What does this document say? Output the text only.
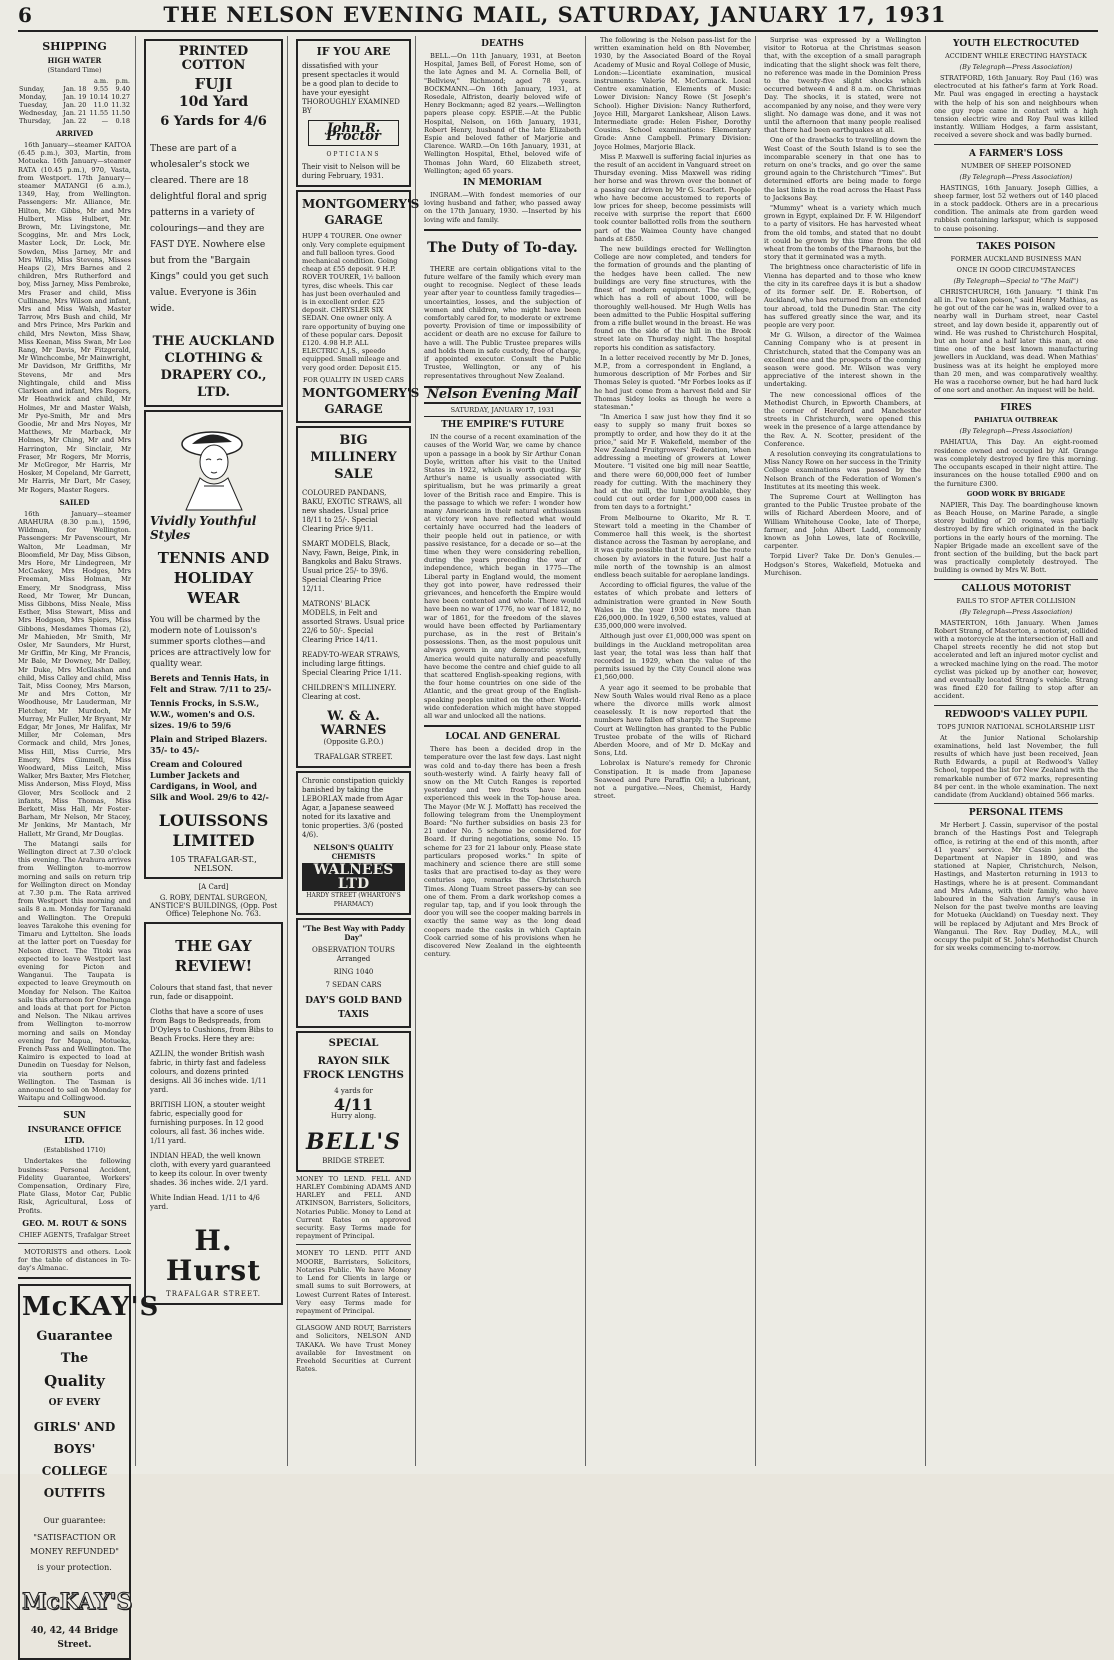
6	THE NELSON EVENING MAIL, SATURDAY, JANUARY 17, 1931
SHIPPING
HIGH WATER
(Standard Time)
		a.m.	p.m.
Sunday,	Jan. 18	9.55	9.40
Monday,	Jan. 19	10.14	10.27
Tuesday,	Jan. 20	11.0	11.32
Wednesday,	Jan. 21	11.55	11.50
Thursday,	Jan. 22	—	0.18
ARRIVED

16th January—steamer KAITOA (6.45 p.m.), 303, Martin, from Motueka. 16th January—steamer RATA (10.45 p.m.), 970, Vasta, from Westport. 17th January—steamer MATANGI (6 a.m.), 1349, Hay, from Wellington. Passengers: Mr. Alliance, Mr. Hilton, Mr. Gibbs, Mr and Mrs Hulbert, Miss Hulbert, Mr. Brown, Mr. Livingstone, Mr. Scoggins, Mr. and Mrs Lock, Master Lock, Dr. Lock, Mr. Sowden, Miss Jarney, Mr and Mrs Wills, Miss Stevens, Misses Heaps (2), Mrs Barnes and 2 children, Mrs Rutherford and boy, Miss Jarney, Miss Pembroke, Mrs Fraser and child, Miss Cullinane, Mrs Wilson and infant, Mrs and Miss Walsh, Master Tarrow, Mrs Bush and child, Mr and Mrs Prince, Mrs Parkin and child, Mrs Newton, Miss Shaw, Miss Keenan, Miss Swan, Mr Lee Rang, Mr Davis, Mr Fitzgerald, Mr Winchcombe, Mr Mainwright, Mr Davidson, Mr Griffiths, Mr Stevens, Mr and Mrs Nightingale, child and Miss Clarkson and infant, Mrs Rogers, Mr Heathwick and child, Mr Holmes, Mr and Master Walsh, Mr Pye-Smith, Mr and Mrs Goodie, Mr and Mrs Noyes, Mr Matthews, Mr Marback, Mr Holmes, Mr Ching, Mr and Mrs Harrington, Mr Sinclair, Mr Fraser, Mr Rogers, Mr Morris, Mr McGregor, Mr Harris, Mr Hosker, M Copeland, Mr Garrett, Mr Harris, Mr Dart, Mr Casey, Mr Rogers, Master Rogers.

SAILED

16th January—steamer ARAHURA (8.30 p.m.), 1596, Wildman, for Wellington. Passengers: Mr Pavenscourt, Mr Walton, Mr Leadman, Mr Bloomfield, Mr Day, Miss Gibson, Mrs Hore, Mr Lindegreen, Mr McCaskey, Mrs Hodges, Mrs Freeman, Miss Holman, Mr Emery, Mr Snodgrass, Miss Reed, Mr Tower, Mr Duncan, Miss Gibbons, Miss Neale, Miss Esther, Miss Stewart, Miss and Mrs Hodgson, Mrs Spiers, Miss Gibbons, Mesdames Thomas (2), Mr Mahieden, Mr Smith, Mr Osler, Mr Saunders, Mr Hurst, Mr Griffin, Mr King, Mr Francis, Mr Bale, Mr Downey, Mr Dalley, Mr Duke, Mrs McGlashan and child, Miss Calley and child, Miss Tait, Miss Cooney, Mrs Marson, Mr and Mrs Cotton, Mr Woodhouse, Mr Lauderman, Mr Fletcher, Mr Murdoch, Mr Murray, Mr Fuller, Mr Bryant, Mr Edgar, Mr Jones, Mr Halifax, Mr Miller, Mr Coleman, Mrs Cormack and child, Mrs Jones, Miss Hill, Miss Currie, Mrs Emery, Mrs Gimmell, Miss Woodward, Miss Leitch, Miss Walker, Mrs Baxter, Mrs Fletcher, Miss Anderson, Miss Floyd, Miss Glover, Mrs Scollock and 2 infants, Miss Thomas, Miss Berkett, Miss Hall, Mr Foster-Barham, Mr Nelson, Mr Stacey, Mr Jenkins, Mr Mantach, Mr Hallett, Mr Grand, Mr Douglas.

The Matangi sails for Wellington direct at 7.30 o'clock this evening. The Arahura arrives from Wellington to-morrow morning and sails on return trip for Wellington direct on Monday at 7.30 p.m. The Rata arrived from Westport this morning and sails 8 a.m. Monday for Taranaki and Wellington. The Orepuki leaves Tarakohe this evening for Timaru and Lyttelton. She loads at the latter port on Tuesday for Nelson direct. The Titoki was expected to leave Westport last evening for Picton and Wanganui. The Taupata is expected to leave Greymouth on Monday for Nelson. The Kaitoa sails this afternoon for Onehunga and loads at that port for Picton and Nelson. The Nikau arrives from Wellington to-morrow morning and sails on Monday evening for Mapua, Motueka, French Pass and Wellington. The Kaimiro is expected to load at Dunedin on Tuesday for Nelson, via southern ports and Wellington. The Tasman is announced to sail on Monday for Waitapu and Collingwood.

SUN
INSURANCE OFFICE LTD.
(Established 1710)

Undertakes the following business: Personal Accident, Fidelity Guarantee, Workers' Compensation, Ordinary Fire, Plate Glass, Motor Car, Public Risk, Agricultural, Loss of Profits.

GEO. M. ROUT & SONS
CHIEF AGENTS, Trafalgar Street

MOTORISTS and others. Look for the table of distances in To-day's Almanac.

McKAY'S
Guarantee
The
Quality
OF EVERY
GIRLS' AND BOYS' COLLEGE OUTFITS
Our guarantee:
"SATISFACTION OR MONEY REFUNDED"
is your protection.
McKAY'S
40, 42, 44 Bridge Street.
PRINTED COTTON
FUJI
10d Yard
6 Yards for 4/6
These are part of a wholesaler's stock we cleared. There are 18 delightful floral and sprig patterns in a variety of colourings—and they are FAST DYE. Nowhere else but from the "Bargain Kings" could you get such value. Everyone is 36in wide.
THE AUCKLAND CLOTHING & DRAPERY CO., LTD.
Vividly Youthful Styles
TENNIS AND HOLIDAY WEAR
You will be charmed by the modern note of Louisson's summer sports clothes—and prices are attractively low for quality wear.
Berets and Tennis Hats, in Felt and Straw. 7/11 to 25/-
Tennis Frocks, in S.S.W., W.W., women's and O.S. sizes. 19/6 to 59/6
Plain and Striped Blazers. 35/- to 45/-
Cream and Coloured Lumber Jackets and Cardigans, in Wool, and Silk and Wool. 29/6 to 42/-
LOUISSONS LIMITED
105 TRAFALGAR-ST., NELSON.
[A Card]

G. ROBY, DENTAL SURGEON, ANSTICE'S BUILDINGS, (Opp. Post Office) Telephone No. 763.

THE GAY REVIEW!
Colours that stand fast, that never run, fade or disappoint.
Cloths that have a score of uses from Bags to Bedspreads, from D'Oyleys to Cushions, from Bibs to Beach Frocks. Here they are:
AZLIN, the wonder British wash fabric, in thirty fast and fadeless colours, and dozens printed designs. All 36 inches wide. 1/11 yard.
BRITISH LION, a stouter weight fabric, especially good for furnishing purposes. In 12 good colours, all fast. 36 inches wide. 1/11 yard.
INDIAN HEAD, the well known cloth, with every yard guaranteed to keep its colour. In over twenty shades. 36 inches wide. 2/1 yard.
White Indian Head. 1/11 to 4/6 yard.
H. Hurst
TRAFALGAR STREET.
IF YOU ARE
dissatisfied with your present spectacles it would be a good plan to decide to have your eyesight THOROUGHLY EXAMINED BY
John R. Proctor
OPTICIANS
Their visit to Nelson will be during February, 1931.
MONTGOMERY'S GARAGE
HUPP 4 TOURER. One owner only. Very complete equipment and full balloon tyres. Good mechanical condition. Going cheap at £55 deposit. 9 H.P. ROVER TOURER, 1½ balloon tyres, disc wheels. This car has just been overhauled and is in excellent order. £25 deposit. CHRYSLER SIX SEDAN. One owner only. A rare opportunity of buying one of these popular cars. Deposit £120. 4.98 H.P. ALL ELECTRIC A.J.S., speedo equipped. Small mileage and very good order. Deposit £15.
FOR QUALITY IN USED CARS
MONTGOMERY'S GARAGE
BIG MILLINERY SALE
COLOURED PANDANS, BAKU, EXOTIC STRAWS, all new shades. Usual price 18/11 to 25/-. Special Clearing Price 9/11.
SMART MODELS, Black, Navy, Fawn, Beige, Pink, in Bangkoks and Baku Straws. Usual price 25/- to 39/6. Special Clearing Price 12/11.
MATRONS' BLACK MODELS, in Felt and assorted Straws. Usual price 22/6 to 50/-. Special Clearing Price 14/11.
READY-TO-WEAR STRAWS, including large fittings. Special Clearing Price 1/11.
CHILDREN'S MILLINERY. Clearing at cost.
W. & A. WARNES
(Opposite G.P.O.)
TRAFALGAR STREET.
Chronic constipation quickly banished by taking the LEBORLAX made from Agar Agar, a Japanese seaweed noted for its laxative and tonic properties. 3/6 (posted 4/6).
NELSON'S QUALITY CHEMISTS
WALNEES LTD
HARDY STREET (WHARTON'S PHARMACY)
"The Best Way with Paddy Day"
OBSERVATION TOURS
Arranged
RING 1040
7 SEDAN CARS
DAY'S GOLD BAND TAXIS
SPECIAL
RAYON SILK FROCK LENGTHS
4 yards for
4/11
Hurry along.
BELL'S
BRIDGE STREET.

MONEY TO LEND. FELL AND HARLEY Combining ADAMS AND HARLEY and FELL AND ATKINSON, Barristers, Solicitors, Notaries Public. Money to Lend at Current Rates on approved security. Easy Terms made for repayment of Principal.

MONEY TO LEND. PITT AND MOORE, Barristers, Solicitors, Notaries Public. We have Money to Lend for Clients in large or small sums to suit Borrowers, at Lowest Current Rates of Interest. Very easy Terms made for repayment of Principal.

GLASGOW AND ROUT, Barristers and Solicitors, NELSON AND TAKAKA. We have Trust Money available for Investment on Freehold Securities at Current Rates.

DEATHS

BELL.—On 11th January, 1931, at Beeton Hospital, James Bell, of Forest Home, son of the late Agnes and M. A. Cornelia Bell, of "Bellview," Richmond; aged 78 years. BOCKMANN.—On 16th January, 1931, at Rosedale, Alfriston, dearly beloved wife of Henry Bockmann; aged 82 years.—Wellington papers please copy. ESPIE.—At the Public Hospital, Nelson, on 16th January, 1931, Robert Henry, husband of the late Elizabeth Espie and beloved father of Marjorie and Clarence. WARD.—On 16th January, 1931, at Wellington Hospital, Ethel, beloved wife of Thomas John Ward, 60 Elizabeth street, Wellington; aged 65 years.

IN MEMORIAM

INGRAM.—With fondest memories of our loving husband and father, who passed away on the 17th January, 1930. —Inserted by his loving wife and family.

The Duty of To-day.

THERE are certain obligations vital to the future welfare of the family which every man ought to recognise. Neglect of these leads year after year to countless family tragedies—uncertainties, losses, and the subjection of women and children, who might have been comfortably cared for, to moderate or extreme poverty. Provision of time or impossibility of accident or death are no excuse for failure to have a will. The Public Trustee prepares wills and holds them in safe custody, free of charge, if appointed executor. Consult the Public Trustee, Wellington, or any of his representatives throughout New Zealand.

Nelson Evening Mail
SATURDAY, JANUARY 17, 1931
THE EMPIRE'S FUTURE

IN the course of a recent examination of the causes of the World War, we came by chance upon a passage in a book by Sir Arthur Conan Doyle, written after his visit to the United States in 1922, which is worth quoting. Sir Arthur's name is usually associated with spiritualism, but he was primarily a great lover of the British race and Empire. This is the passage to which we refer: I wonder how many Americans in their natural enthusiasm at victory won have reflected what would certainly have occurred had the leaders of their people held out in patience, or with passive resistance, for a decade or so—at the time when they were considering rebellion, during the years preceding the war of independence, which began in 1775—The Liberal party in England would, the moment they got into power, have redressed their grievances, and henceforth the Empire would have been contented and whole. There would have been no war of 1776, no war of 1812, no war of 1861, for the freedom of the slaves would have been effected by Parliamentary purchase, as in the rest of Britain's possessions. Then, as the most populous unit always govern in any democratic system, America would quite naturally and peacefully have become the centre and chief guide to all that scattered English-speaking regions, with the four home countries on one side of the Atlantic, and the great group of the English-speaking peoples united on the other. World-wide confederation which might have stopped all war and unlocked all the nations.

LOCAL AND GENERAL

There has been a decided drop in the temperature over the last few days. Last night was cold and to-day there has been a fresh south-westerly wind. A fairly heavy fall of snow on the Mt Cutch Ranges is reported yesterday and two frosts have been experienced this week in the Top-house area. The Mayor (Mr W. J. Moffatt) has received the following telegram from the Unemployment Board: "No further subsidies on basis 23 for 21 under No. 5 scheme be considered for Board. If during negotiations, some No. 15 scheme for 23 for 21 labour only. Please state particulars proposed works." In spite of machinery and science there are still some tasks that are practised to-day as they were centuries ago, remarks the Christchurch Times. Along Tuam Street passers-by can see one of them. From a dark workshop comes a regular tap, tap, and if you look through the door you will see the cooper making barrels in exactly the same way as the long dead coopers made the casks in which Captain Cook carried some of his provisions when he discovered New Zealand in the eighteenth century.

The following is the Nelson pass-list for the written examination held on 8th November, 1930, by the Associated Board of the Royal Academy of Music and Royal College of Music, London:—Licentiate examination, musical instruments: Valerie M. McCormack. Local Centre examination, Elements of Music: Lower Division: Nancy Rowe (St Joseph's School). Higher Division: Nancy Rutherford, Joyce Hill, Margaret Lankshear, Alison Laws. Intermediate grade: Helen Fisher, Dorothy Cousins. School examinations: Elementary Grade: Anne Campbell. Primary Division: Joyce Holmes, Marjorie Black.

Miss P. Maxwell is suffering facial injuries as the result of an accident in Vanguard street on Thursday evening. Miss Maxwell was riding her horse and was thrown over the bonnet of a passing car driven by Mr G. Scarlett. People who have become accustomed to reports of low prices for sheep, become pessimists will receive with surprise the report that £600 took counter ballotted rolls from the southern part of the Waimea County have changed hands at £850.

The new buildings erected for Wellington College are now completed, and tenders for the formation of grounds and the planting of the hedges have been called. The new buildings are very fine structures, with the finest of modern equipment. The college, which has a roll of about 1000, will be thoroughly well-housed. Mr Hugh Wells has been admitted to the Public Hospital suffering from a rifle bullet wound in the breast. He was found on the side of the hill in the Brook street late on Thursday night. The hospital reports his condition as satisfactory.

In a letter received recently by Mr D. Jones, M.P., from a correspondent in England, a humorous description of Mr Forbes and Sir Thomas Seley is quoted. "Mr Forbes looks as if he had just come from a harvest field and Sir Thomas Sidey looks as though he were a statesman."

"In America I saw just how they find it so easy to supply so many fruit boxes so promptly to order, and how they do it at the price," said Mr F. Wakefield, member of the New Zealand Fruitgrowers' Federation, when addressing a meeting of growers at Lower Moutere. "I visited one big mill near Seattle, and there were 60,000,000 feet of lumber ready for cutting. With the machinery they had at the mill, the lumber available, they could cut out order for 1,000,000 cases in from ten days to a fortnight."

From Melbourne to Okarito, Mr R. T. Stewart told a meeting in the Chamber of Commerce hall this week, is the shortest distance across the Tasman by aeroplane, and it was quite possible that it would be the route chosen by aviators in the future. Just half a mile north of the township is an almost endless beach suitable for aeroplane landings.

According to official figures, the value of the estates of which probate and letters of administration were granted in New South Wales in the year 1930 was more than £26,000,000. In 1929, 6,500 estates, valued at £35,000,000 were involved.

Although just over £1,000,000 was spent on buildings in the Auckland metropolitan area last year, the total was less than half that recorded in 1929, when the value of the permits issued by the City Council alone was £1,560,000.

A year ago it seemed to be probable that New South Wales would rival Reno as a place where the divorce mills work almost ceaselessly. It is now reported that the numbers have fallen off sharply. The Supreme Court at Wellington has granted to the Public Trustee probate of the wills of Richard Aberden Moore, and of Mr D. McKay and Sons, Ltd.

Lobrolax is Nature's remedy for Chronic Constipation. It is made from Japanese Seaweed and Pure Paraffin Oil; a lubricant, not a purgative.—Nees, Chemist, Hardy street.

Surprise was expressed by a Wellington visitor to Rotorua at the Christmas season that, with the exception of a small paragraph indicating that the slight shock was felt there, no reference was made in the Dominion Press to the twenty-five slight shocks which occurred between 4 and 8 a.m. on Christmas Day. The shocks, it is stated, were not accompanied by any noise, and they were very slight. No damage was done, and it was not until the afternoon that many people realised that there had been earthquakes at all.

One of the drawbacks to travelling down the West Coast of the South Island is to see the incomparable scenery in that one has to return on one's tracks, and go over the same ground again to the Christchurch "Times". But determined efforts are being made to forge the last links in the road across the Haast Pass to Jacksons Bay.

"Mummy" wheat is a variety which much grown in Egypt, explained Dr. F. W. Hilgendorf to a party of visitors. He has harvested wheat from the old tombs, and stated that no doubt it could be grown by this time from the old wheat from the tombs of the Pharaohs, but the story that it germinated was a myth.

The brightness once characteristic of life in Vienna has departed and to those who knew the city in its carefree days it is but a shadow of its former self. Dr. E. Robertson, of Auckland, who has returned from an extended tour abroad, told the Dunedin Star. The city has suffered greatly since the war, and its people are very poor.

Mr G. Wilson, a director of the Waimea Canning Company who is at present in Christchurch, stated that the Company was an excellent one and the prospects of the coming season were good. Mr. Wilson was very appreciative of the interest shown in the undertaking.

The new concessional offices of the Methodist Church, in Epworth Chambers, at the corner of Hereford and Manchester streets in Christchurch, were opened this week in the presence of a large attendance by the Rev. A. N. Scotter, president of the Conference.

A resolution conveying its congratulations to Miss Nancy Rowe on her success in the Trinity College examinations was passed by the Nelson Branch of the Federation of Women's Institutes at its meeting this week.

The Supreme Court at Wellington has granted to the Public Trustee probate of the wills of Richard Aberdeen Moore, and of William Whitehouse Cooke, late of Thorpe, farmer, and John Albert Ladd, commonly known as John Lowes, late of Rockville, carpenter.

Torpid Liver? Take Dr. Don's Genules.—Hodgson's Stores, Wakefield, Motueka and Murchison.

YOUTH ELECTROCUTED
ACCIDENT WHILE ERECTING HAYSTACK
(By Telegraph—Press Association)

STRATFORD, 16th January. Roy Paul (16) was electrocuted at his father's farm at York Road. Mr. Paul was engaged in erecting a haystack with the help of his son and neighbours when one guy rope came in contact with a high tension electric wire and Roy Paul was killed instantly. William Hodges, a farm assistant, received a severe shock and was badly burned.

A FARMER'S LOSS
NUMBER OF SHEEP POISONED
(By Telegraph—Press Association)

HASTINGS, 16th January. Joseph Gillies, a sheep farmer, lost 52 wethers out of 140 placed in a stock paddock. Others are in a precarious condition. The animals ate from garden weed rubbish containing larkspur, which is supposed to cause poisoning.

TAKES POISON
FORMER AUCKLAND BUSINESS MAN
ONCE IN GOOD CIRCUMSTANCES
(By Telegraph—Special to "The Mail")

CHRISTCHURCH, 16th January. "I think I'm all in. I've taken poison," said Henry Mathias, as he got out of the car he was in, walked over to a nearby wall in Durham street, near Castel street, and lay down beside it, apparently out of wind. He was rushed to Christchurch Hospital, but an hour and a half later this man, at one time one of the best known manufacturing jewellers in Auckland, was dead. When Mathias' business was at its height he employed more than 20 men, and was comparatively wealthy. He was a racehorse owner, but he had hard luck of one sort and another. An inquest will be held.

FIRES
PAHIATUA OUTBREAK
(By Telegraph—Press Association)

PAHIATUA, This Day. An eight-roomed residence owned and occupied by Alf. Grange was completely destroyed by fire this morning. The occupants escaped in their night attire. The insurances on the house totalled £900 and on the furniture £300.

GOOD WORK BY BRIGADE

NAPIER, This Day. The boardinghouse known as Beach House, on Marine Parade, a single storey building of 20 rooms, was partially destroyed by fire which originated in the back portions in the early hours of the morning. The Napier Brigade made an excellent save of the front section of the building, but the back part was practically completely destroyed. The building is owned by Mrs W. Bott.

CALLOUS MOTORIST
FAILS TO STOP AFTER COLLISION
(By Telegraph—Press Association)

MASTERTON, 16th January. When James Robert Strang, of Masterton, a motorist, collided with a motorcycle at the intersection of Hall and Chapel streets recently he did not stop but accelerated and left an injured motor cyclist and a wrecked machine lying on the road. The motor cyclist was picked up by another car, however, and eventually located Strang's vehicle. Strang was fined £20 for failing to stop after an accident.

REDWOOD'S VALLEY PUPIL
TOPS JUNIOR NATIONAL SCHOLARSHIP LIST

At the Junior National Scholarship examinations, held last November, the full results of which have just been received, Jean Ruth Edwards, a pupil at Redwood's Valley School, topped the list for New Zealand with the remarkable number of 672 marks, representing 84 per cent. in the whole examination. The next candidate (from Auckland) obtained 566 marks.

PERSONAL ITEMS

Mr Herbert J. Cassin, supervisor of the postal branch of the Hastings Post and Telegraph office, is retiring at the end of this month, after 41 years' service. Mr Cassin joined the Department at Napier in 1890, and was stationed at Napier, Christchurch, Nelson, Hastings, and Masterton returning in 1913 to Hastings, where he is at present. Commandant and Mrs Adams, with their family, who have laboured in the Salvation Army's cause in Nelson for the past twelve months are leaving for Motueka (Auckland) on Tuesday next. They will be replaced by Adjutant and Mrs Brock of Wanganui. The Rev. Ray Dudley, M.A., will occupy the pulpit of St. John's Methodist Church for six weeks commencing to-morrow.
